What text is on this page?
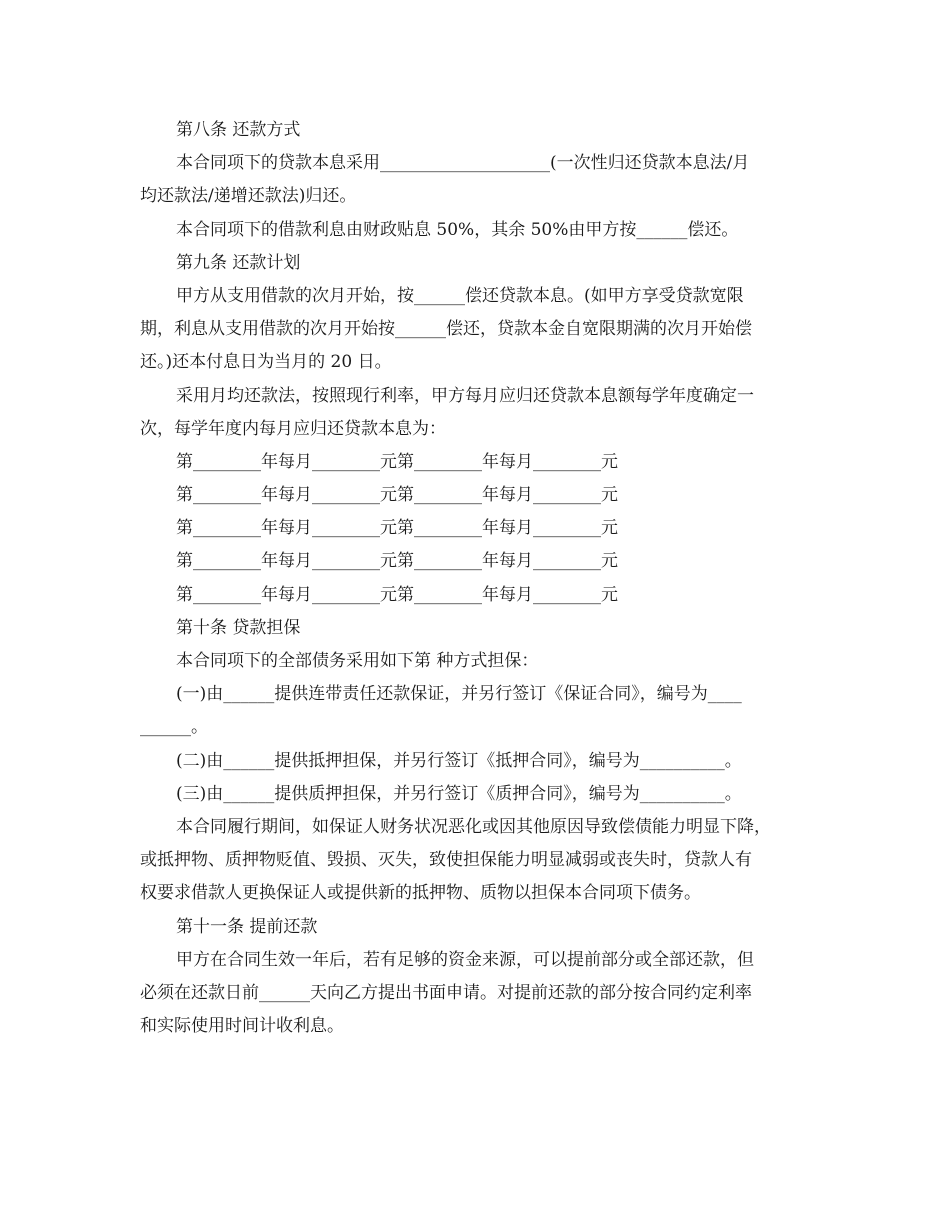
第八条 还款方式
本合同项下的贷款本息采用____________________(一次性归还贷款本息法/月
均还款法/递增还款法)归还。
本合同项下的借款利息由财政贴息 50%，其余 50%由甲方按______偿还。
第九条 还款计划
甲方从支用借款的次月开始，按______偿还贷款本息。(如甲方享受贷款宽限
期，利息从支用借款的次月开始按______偿还，贷款本金自宽限期满的次月开始偿
还。)还本付息日为当月的 20 日。
采用月均还款法，按照现行利率，甲方每月应归还贷款本息额每学年度确定一
次，每学年度内每月应归还贷款本息为：
第________年每月________元第________年每月________元
第________年每月________元第________年每月________元
第________年每月________元第________年每月________元
第________年每月________元第________年每月________元
第________年每月________元第________年每月________元
第十条 贷款担保
本合同项下的全部债务采用如下第 种方式担保：
(一)由______提供连带责任还款保证，并另行签订《保证合同》，编号为____
______。
(二)由______提供抵押担保，并另行签订《抵押合同》，编号为__________。
(三)由______提供质押担保，并另行签订《质押合同》，编号为__________。
本合同履行期间，如保证人财务状况恶化或因其他原因导致偿债能力明显下降，
或抵押物、质押物贬值、毁损、灭失，致使担保能力明显减弱或丧失时，贷款人有
权要求借款人更换保证人或提供新的抵押物、质物以担保本合同项下债务。
第十一条 提前还款
甲方在合同生效一年后，若有足够的资金来源，可以提前部分或全部还款，但
必须在还款日前______天向乙方提出书面申请。对提前还款的部分按合同约定利率
和实际使用时间计收利息。
